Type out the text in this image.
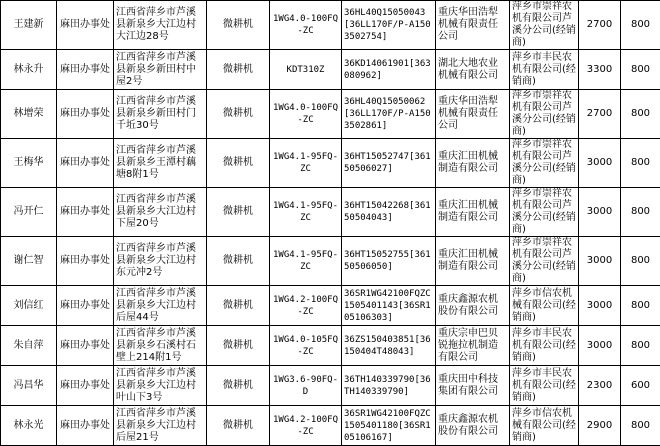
王建新	麻田办事处	江西省萍乡市芦溪县新泉乡大江边村大江边28号	微耕机	1WG4.0-100FQ-ZC	36HL40Q15050043[36LL170F/P-A1503502754]	重庆华田浩犁机械有限责任公司	萍乡市崇祥农机有限公司芦溪分公司(经销商)	2700	800
林永升	麻田办事处	江西省萍乡市芦溪县新泉乡新田村中屋2号	微耕机	KDT310Z	36KD14061901[363080962]	湖北大地农业机械有限公司	萍乡市丰民农机有限公司(经销商)	3300	800
林增荣	麻田办事处	江西省萍乡市芦溪县新泉乡新田村门千坵30号	微耕机	1WG4.0-100FQ-ZC	36HL40Q15050062[36LL170F/P-A1503502861]	重庆华田浩犁机械有限责任公司	萍乡市崇祥农机有限公司芦溪分公司(经销商)	2700	800
王梅华	麻田办事处	江西省萍乡市芦溪县新泉乡王潭村藕塘8附1号	微耕机	1WG4.1-95FQ-ZC	36HT15052747[36150506027]	重庆汇田机械制造有限公司	萍乡市崇祥农机有限公司芦溪分公司(经销商)	3000	800
冯开仁	麻田办事处	江西省萍乡市芦溪县新泉乡大江边村下屋20号	微耕机	1WG4.1-95FQ-ZC	36HT15042268[36150504043]	重庆汇田机械制造有限公司	萍乡市崇祥农机有限公司芦溪分公司(经销商)	3000	800
谢仁智	麻田办事处	江西省萍乡市芦溪县新泉乡大江边村东元冲2号	微耕机	1WG4.1-95FQ-ZC	36HT15052755[36150506050]	重庆汇田机械制造有限公司	萍乡市崇祥农机有限公司芦溪分公司(经销商)	3000	800
刘信红	麻田办事处	江西省萍乡市芦溪县新泉乡大江边村后屋44号	微耕机	1WG4.2-100FQ-ZC	36SR1WG42100FQZC1505401143[36SR105106303]	重庆鑫源农机股份有限公司	萍乡市信农机械有限公司(经销商)	3000	800
朱自萍	麻田办事处	江西省萍乡市芦溪县新泉乡石溪村石壁上214附1号	微耕机	1WG4.0-105FQ-ZC	36ZS150403851[36150404T48043]	重庆宗申巴贝锐拖拉机制造有限公司	萍乡市丰民农机有限公司(经销商)	3000	800
冯昌华	麻田办事处	江西省萍乡市芦溪县新泉乡大江边村叶山下3号	微耕机	1WG3.6-90FQ-D	36TH140339790[36TH140339790]	重庆田中科技集团有限公司	萍乡市丰民农机有限公司(经销商)	2300	600
林永光	麻田办事处	江西省萍乡市芦溪县新泉乡大江边村后屋21号	微耕机	1WG4.2-100FQ-ZC	36SR1WG42100FQZC1505401180[36SR105106167]	重庆鑫源农机股份有限公司	萍乡市信农机械有限公司(经销商)	2900	800
